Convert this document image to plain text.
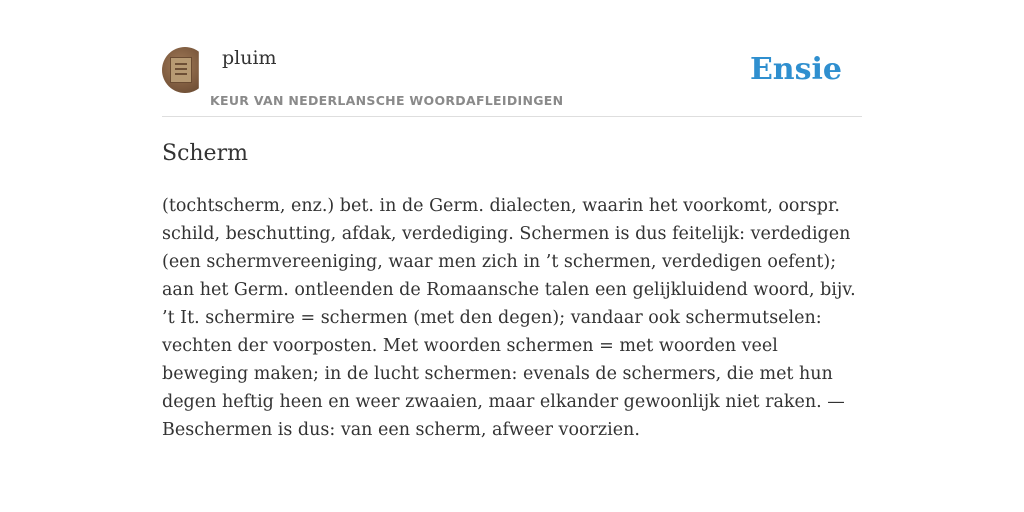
pluim
KEUR VAN NEDERLANSCHE WOORDAFLEIDINGEN
Ensie
Scherm

(tochtscherm, enz.) bet. in de Germ. dialecten, waarin het voorkomt, oorspr. schild, beschutting, afdak, verdediging. Schermen is dus feitelijk: verdedigen (een schermvereeniging, waar men zich in ’t schermen, verdedigen oefent); aan het Germ. ontleenden de Romaansche talen een gelijkluidend woord, bijv. ’t It. schermire = schermen (met den degen); vandaar ook schermutselen: vechten der voorposten. Met woorden schermen = met woorden veel beweging maken; in de lucht schermen: evenals de schermers, die met hun degen heftig heen en weer zwaaien, maar elkander gewoonlijk niet raken. — Beschermen is dus: van een scherm, afweer voorzien.
